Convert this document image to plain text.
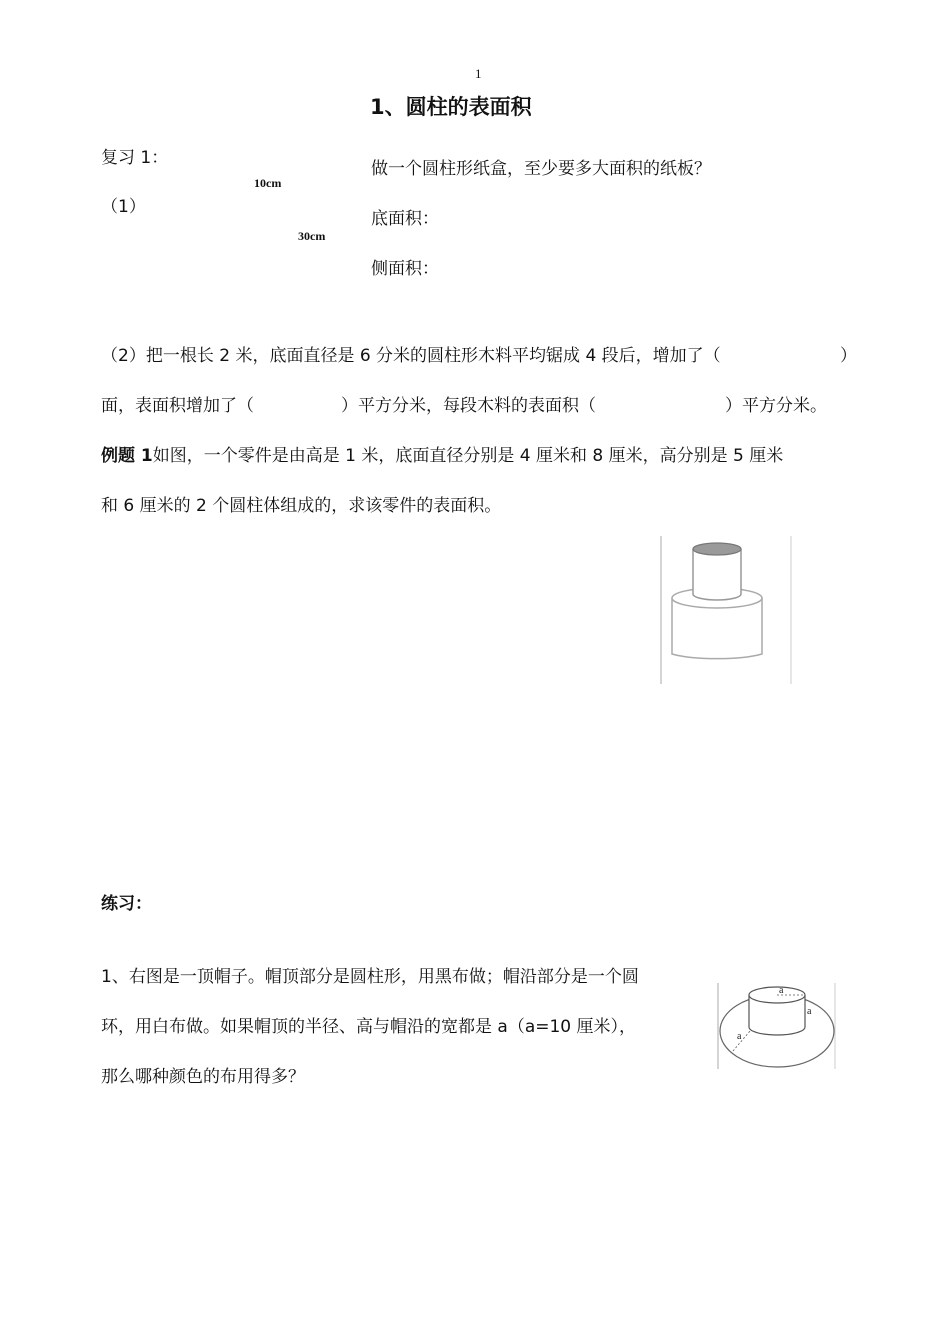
1
1、圆柱的表面积
复习 1：
（1）
10cm
30cm
做一个圆柱形纸盒，至少要多大面积的纸板？
底面积：
侧面积：
（2）把一根长 2 米，底面直径是 6 分米的圆柱形木料平均锯成 4 段后，增加了（	）
面，表面积增加了（	）平方分米，每段木料的表面积（	）平方分米。
例题 1如图，一个零件是由高是 1 米，底面直径分别是 4 厘米和 8 厘米，高分别是 5 厘米
和 6 厘米的 2 个圆柱体组成的，求该零件的表面积。
练习：
1、右图是一顶帽子。帽顶部分是圆柱形，用黑布做；帽沿部分是一个圆
环，用白布做。如果帽顶的半径、高与帽沿的宽都是 a（a=10 厘米），
那么哪种颜色的布用得多？
a
a
a
